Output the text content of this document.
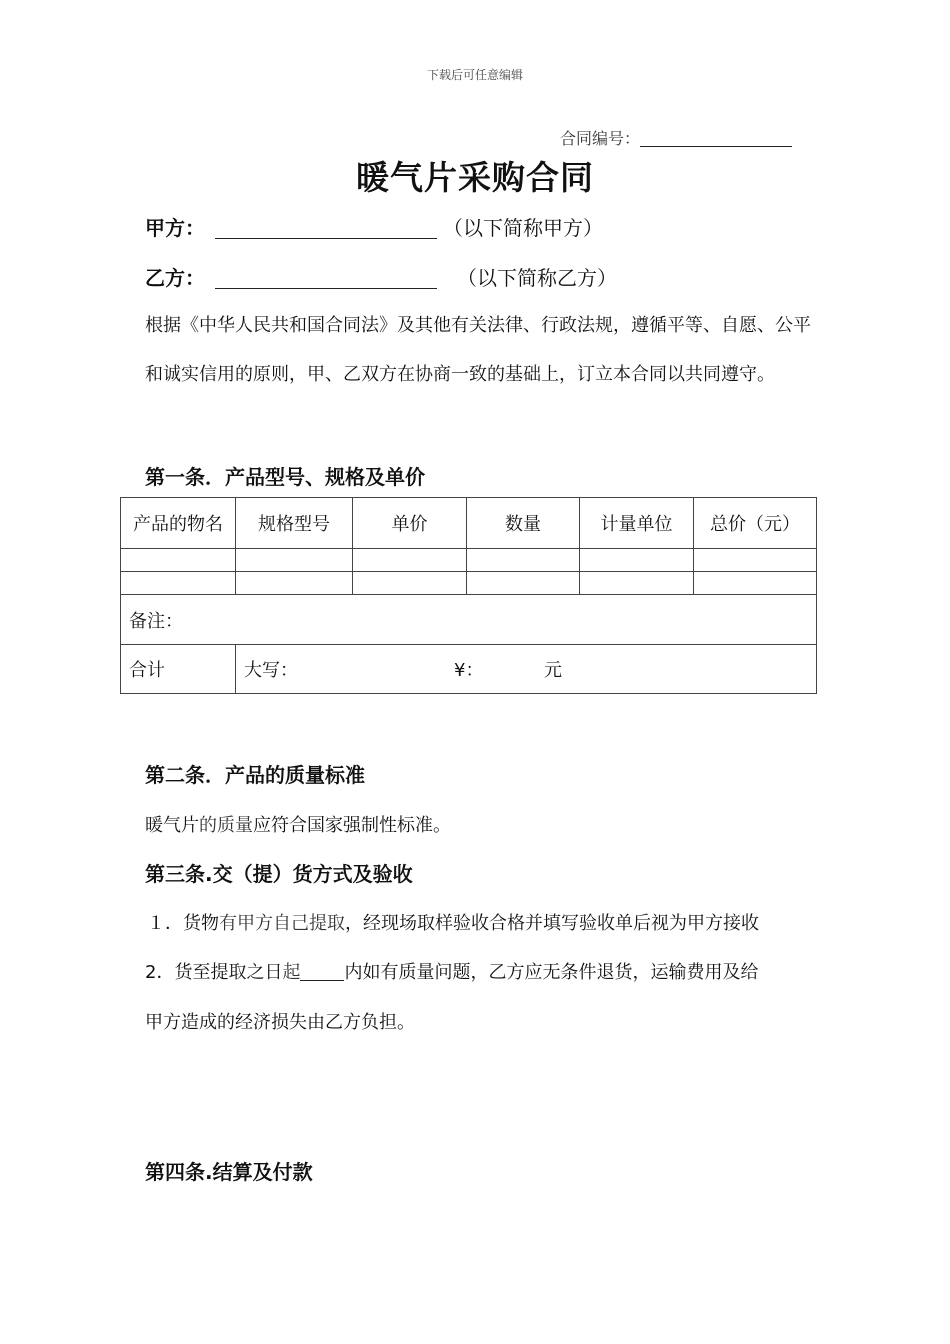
下载后可任意编辑
合同编号：
暖气片采购合同
甲方：	（以下简称甲方）
乙方：	（以下简称乙方）
根据《中华人民共和国合同法》及其他有关法律、行政法规，遵循平等、自愿、公平和诚实信用的原则，甲、乙双方在协商一致的基础上，订立本合同以共同遵守。
第一条．产品型号、规格及单价
产品的物名	规格型号	单价	数量	计量单位	总价（元）

备注：					
合计	大写： ¥： 元				
第二条．产品的质量标准
暖气片的质量应符合国家强制性标准。
第三条.交（提）货方式及验收
１．货物有甲方自己提取，经现场取样验收合格并填写验收单后视为甲方接收
2．货至提取之日起 内如有质量问题，乙方应无条件退货，运输费用及给
甲方造成的经济损失由乙方负担。
第四条.结算及付款
